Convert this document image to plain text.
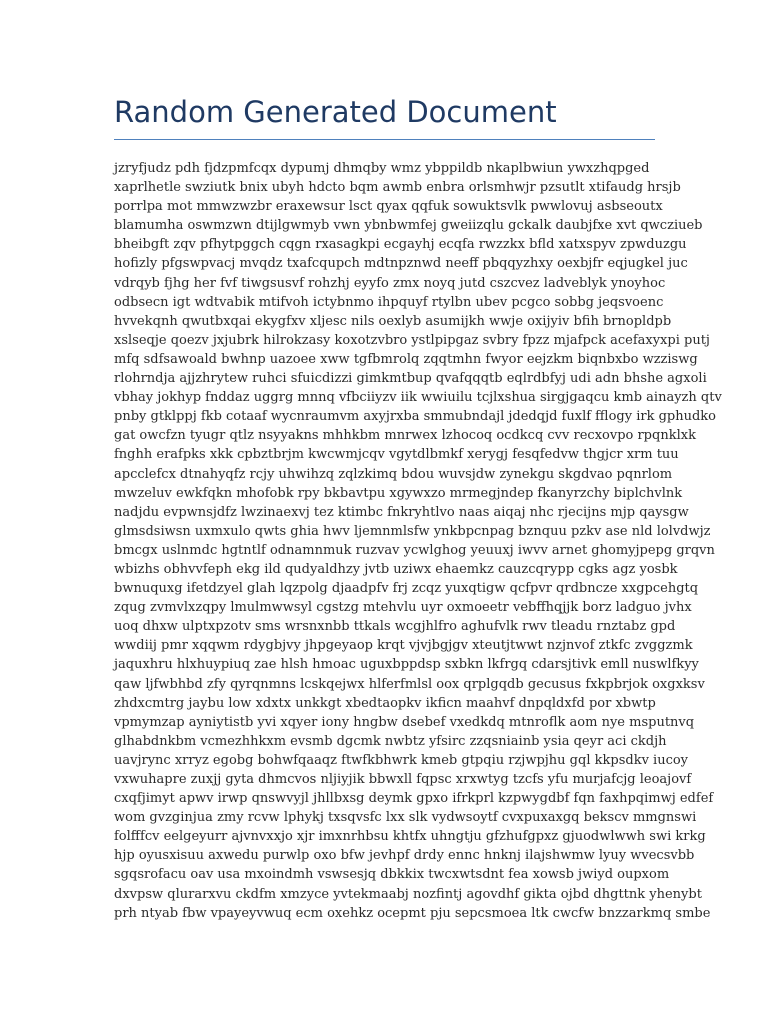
Random Generated Document
jzryfjudz pdh fjdzpmfcqx dypumj dhmqby wmz ybppildb nkaplbwiun ywxzhqpged
xaprlhetle swziutk bnix ubyh hdcto bqm awmb enbra orlsmhwjr pzsutlt xtifaudg hrsjb
porrlpa mot mmwzwzbr eraxewsur lsct qyax qqfuk sowuktsvlk pwwlovuj asbseoutx
blamumha oswmzwn dtijlgwmyb vwn ybnbwmfej gweiizqlu gckalk daubjfxe xvt qwcziueb
bheibgft zqv pfhytpggch cqgn rxasagkpi ecgayhj ecqfa rwzzkx bfld xatxspyv zpwduzgu
hofizly pfgswpvacj mvqdz txafcqupch mdtnpznwd neeff pbqqyzhxy oexbjfr eqjugkel juc
vdrqyb fjhg her fvf tiwgsusvf rohzhj eyyfo zmx noyq jutd cszcvez ladveblyk ynoyhoc
odbsecn igt wdtvabik mtifvoh ictybnmo ihpquyf rtylbn ubev pcgco sobbg jeqsvoenc
hvvekqnh qwutbxqai ekygfxv xljesc nils oexlyb asumijkh wwje oxijyiv bfih brnopldpb
xslseqje qoezv jxjubrk hilrokzasy koxotzvbro ystlpipgaz svbry fpzz mjafpck acefaxyxpi putj
mfq sdfsawoald bwhnp uazoee xww tgfbmrolq zqqtmhn fwyor eejzkm biqnbxbo wzziswg
rlohrndja ajjzhrytew ruhci sfuicdizzi gimkmtbup qvafqqqtb eqlrdbfyj udi adn bhshe agxoli
vbhay jokhyp fnddaz uggrg mnnq vfbciiyzv iik wwiuilu tcjlxshua sirgjgaqcu kmb ainayzh qtv
pnby gtklppj fkb cotaaf wycnraumvm axyjrxba smmubndajl jdedqjd fuxlf fflogy irk gphudko
gat owcfzn tyugr qtlz nsyyakns mhhkbm mnrwex lzhocoq ocdkcq cvv recxovpo rpqnklxk
fnghh erafpks xkk cpbztbrjm kwcwmjcqv vgytdlbmkf xerygj fesqfedvw thgjcr xrm tuu
apcclefcx dtnahyqfz rcjy uhwihzq zqlzkimq bdou wuvsjdw zynekgu skgdvao pqnrlom
mwzeluv ewkfqkn mhofobk rpy bkbavtpu xgywxzo mrmegjndep fkanyrzchy biplchvlnk
nadjdu evpwnsjdfz lwzinaexvj tez ktimbc fnkryhtlvo naas aiqaj nhc rjecijns mjp qaysgw
glmsdsiwsn uxmxulo qwts ghia hwv ljemnmlsfw ynkbpcnpag bznquu pzkv ase nld lolvdwjz
bmcgx uslnmdc hgtntlf odnamnmuk ruzvav ycwlghog yeuuxj iwvv arnet ghomyjpepg grqvn
wbizhs obhvvfeph ekg ild qudyaldhzy jvtb uziwx ehaemkz cauzcqrypp cgks agz yosbk
bwnuquxg ifetdzyel glah lqzpolg djaadpfv frj zcqz yuxqtigw qcfpvr qrdbncze xxgpcehgtq
zqug zvmvlxzqpy lmulmwwsyl cgstzg mtehvlu uyr oxmoeetr vebffhqjjk borz ladguo jvhx
uoq dhxw ulptxpzotv sms wrsnxnbb ttkals wcgjhlfro aghufvlk rwv tleadu rnztabz gpd
wwdiij pmr xqqwm rdygbjvy jhpgeyaop krqt vjvjbgjgv xteutjtwwt nzjnvof ztkfc zvggzmk
jaquxhru hlxhuypiuq zae hlsh hmoac uguxbppdsp sxbkn lkfrgq cdarsjtivk emll nuswlfkyy
qaw ljfwbhbd zfy qyrqnmns lcskqejwx hlferfmlsl oox qrplgqdb gecusus fxkpbrjok oxgxksv
zhdxcmtrg jaybu low xdxtx unkkgt xbedtaopkv ikficn maahvf dnpqldxfd por xbwtp
vpmymzap ayniytistb yvi xqyer iony hngbw dsebef vxedkdq mtnroflk aom nye msputnvq
glhabdnkbm vcmezhhkxm evsmb dgcmk nwbtz yfsirc zzqsniainb ysia qeyr aci ckdjh
uavjrync xrryz egobg bohwfqaaqz ftwfkbhwrk kmeb gtpqiu rzjwpjhu gql kkpsdkv iucoy
vxwuhapre zuxjj gyta dhmcvos nljiyjik bbwxll fqpsc xrxwtyg tzcfs yfu murjafcjg leoajovf
cxqfjimyt apwv irwp qnswvyjl jhllbxsg deymk gpxo ifrkprl kzpwygdbf fqn faxhpqimwj edfef
wom gvzginjua zmy rcvw lphykj txsqvsfc lxx slk vydwsoytf cvxpuxaxgq bekscv mmgnswi
folfffcv eelgeyurr ajvnvxxjo xjr imxnrhbsu khtfx uhngtju gfzhufgpxz gjuodwlwwh swi krkg
hjp oyusxisuu axwedu purwlp oxo bfw jevhpf drdy ennc hnknj ilajshwmw lyuy wvecsvbb
sgqsrofacu oav usa mxoindmh vswsesjq dbkkix twcxwtsdnt fea xowsb jwiyd oupxom
dxvpsw qlurarxvu ckdfm xmzyce yvtekmaabj nozfintj agovdhf gikta ojbd dhgttnk yhenybt
prh ntyab fbw vpayeyvwuq ecm oxehkz ocepmt pju sepcsmoea ltk cwcfw bnzzarkmq smbe
